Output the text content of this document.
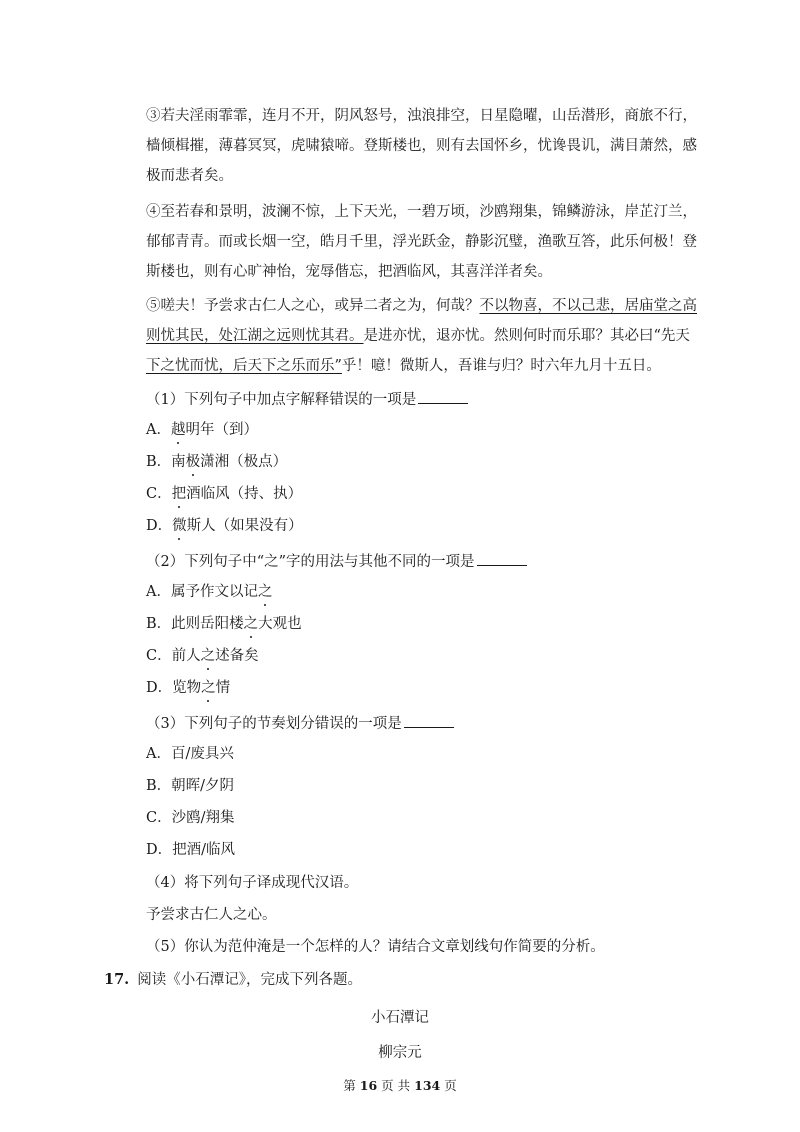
③若夫淫雨霏霏，连月不开，阴风怒号，浊浪排空，日星隐曜，山岳潜形，商旅不行，
樯倾楫摧，薄暮冥冥，虎啸猿啼。登斯楼也，则有去国怀乡，忧谗畏讥，满目萧然，感
极而悲者矣。
④至若春和景明，波澜不惊，上下天光，一碧万顷，沙鸥翔集，锦鳞游泳，岸芷汀兰，
郁郁青青。而或长烟一空，皓月千里，浮光跃金，静影沉璧，渔歌互答，此乐何极！登
斯楼也，则有心旷神怡，宠辱偕忘，把酒临风，其喜洋洋者矣。
⑤嗟夫！予尝求古仁人之心，或异二者之为，何哉？不以物喜，不以己悲，居庙堂之高
则忧其民，处江湖之远则忧其君。是进亦忧，退亦忧。然则何时而乐耶？其必曰“先天
下之忧而忧，后天下之乐而乐”乎！噫！微斯人，吾谁与归？时六年九月十五日。
（1）下列句子中加点字解释错误的一项是
A．越明年（到）
B．南极潇湘（极点）
C．把酒临风（持、执）
D．微斯人（如果没有）
（2）下列句子中“之”字的用法与其他不同的一项是
A．属予作文以记之
B．此则岳阳楼之大观也
C．前人之述备矣
D．览物之情
（3）下列句子的节奏划分错误的一项是
A．百/废具兴
B．朝晖/夕阴
C．沙鸥/翔集
D．把酒/临风
（4）将下列句子译成现代汉语。
予尝求古仁人之心。
（5）你认为范仲淹是一个怎样的人？请结合文章划线句作简要的分析。
17. 阅读《小石潭记》，完成下列各题。
小石潭记
柳宗元
第 16 页 共 134 页
